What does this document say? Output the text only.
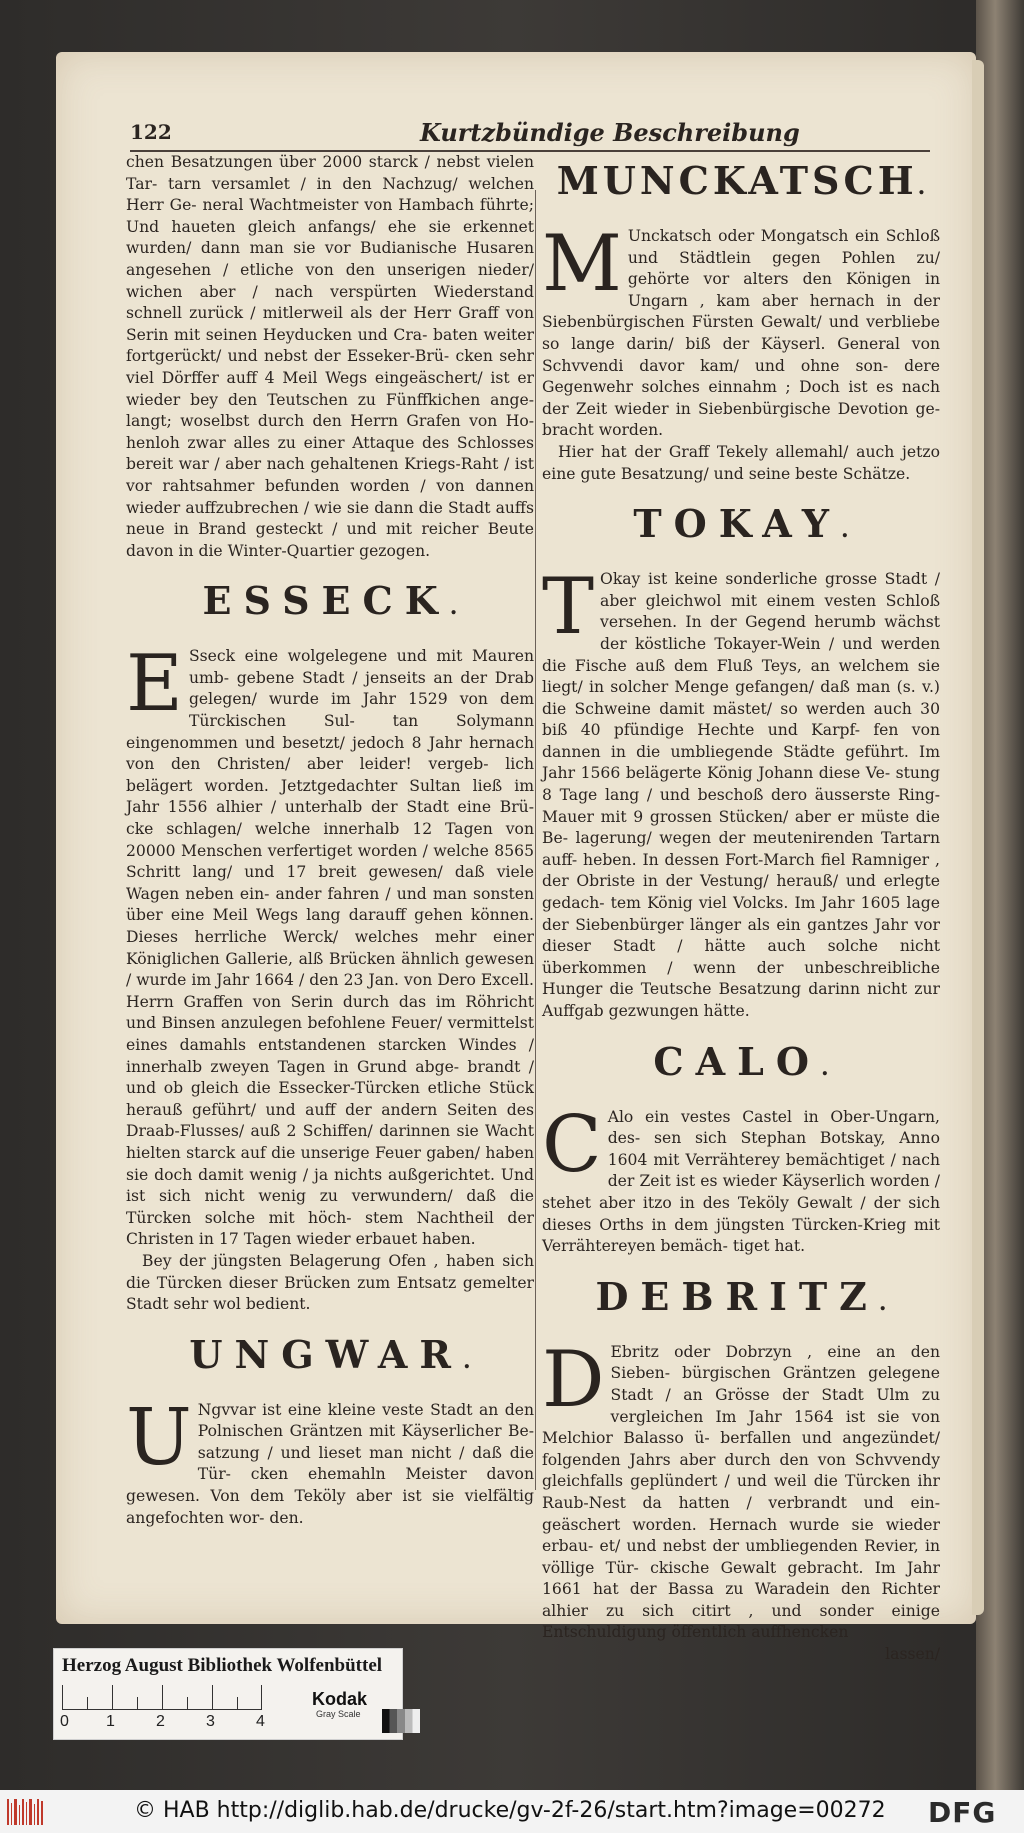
122	Kurtzbündige Beschreibung

chen Besatzungen über 2000 starck / nebst vielen Tar- tarn versamlet / in den Nachzug/ welchen Herr Ge- neral Wachtmeister von Hambach führte; Und haueten gleich anfangs/ ehe sie erkennet wurden/ dann man sie vor Budianische Husaren angesehen / etliche von den unserigen nieder/ wichen aber / nach verspürten Wiederstand schnell zurück / mitlerweil als der Herr Graff von Serin mit seinen Heyducken und Cra- baten weiter fortgerückt/ und nebst der Esseker-Brü- cken sehr viel Dörffer auff 4 Meil Wegs eingeäschert/ ist er wieder bey den Teutschen zu Fünffkichen ange- langt; woselbst durch den Herrn Grafen von Ho- henloh zwar alles zu einer Attaque des Schlosses bereit war / aber nach gehaltenen Kriegs-Raht / ist vor rahtsahmer befunden worden / von dannen wieder auffzubrechen / wie sie dann die Stadt auffs neue in Brand gesteckt / und mit reicher Beute davon in die Winter-Quartier gezogen.

ESSECK .

E Sseck eine wolgelegene und mit Mauren umb- gebene Stadt / jenseits an der Drab gelegen/ wurde im Jahr 1529 von dem Türckischen Sul- tan Solymann eingenommen und besetzt/ jedoch 8 Jahr hernach von den Christen/ aber leider! vergeb- lich belägert worden. Jetztgedachter Sultan ließ im Jahr 1556 alhier / unterhalb der Stadt eine Brü- cke schlagen/ welche innerhalb 12 Tagen von 20000 Menschen verfertiget worden / welche 8565 Schritt lang/ und 17 breit gewesen/ daß viele Wagen neben ein- ander fahren / und man sonsten über eine Meil Wegs lang darauff gehen können. Dieses herrliche Werck/ welches mehr einer Königlichen Gallerie, alß Brücken ähnlich gewesen / wurde im Jahr 1664 / den 23 Jan. von Dero Excell. Herrn Graffen von Serin durch das im Röhricht und Binsen anzulegen befohlene Feuer/ vermittelst eines damahls entstandenen starcken Windes / innerhalb zweyen Tagen in Grund abge- brandt / und ob gleich die Essecker-Türcken etliche Stück herauß geführt/ und auff der andern Seiten des Draab-Flusses/ auß 2 Schiffen/ darinnen sie Wacht hielten starck auf die unserige Feuer gaben/ haben sie doch damit wenig / ja nichts außgerichtet. Und ist sich nicht wenig zu verwundern/ daß die Türcken solche mit höch- stem Nachtheil der Christen in 17 Tagen wieder erbauet haben.

Bey der jüngsten Belagerung Ofen , haben sich die Türcken dieser Brücken zum Entsatz gemelter Stadt sehr wol bedient.

UNGWAR .

U Ngvvar ist eine kleine veste Stadt an den Polnischen Gräntzen mit Käyserlicher Be- satzung / und lieset man nicht / daß die Tür- cken ehemahln Meister davon gewesen. Von dem Teköly aber ist sie vielfältig angefochten wor- den.

MUNCKATSCH .

M Unckatsch oder Mongatsch ein Schloß und Städtlein gegen Pohlen zu/ gehörte vor alters den Königen in Ungarn , kam aber hernach in der Siebenbürgischen Fürsten Gewalt/ und verbliebe so lange darin/ biß der Käyserl. General von Schvvendi davor kam/ und ohne son- dere Gegenwehr solches einnahm ; Doch ist es nach der Zeit wieder in Siebenbürgische Devotion ge- bracht worden.

Hier hat der Graff Tekely allemahl/ auch jetzo eine gute Besatzung/ und seine beste Schätze.

TOKAY .

T Okay ist keine sonderliche grosse Stadt / aber gleichwol mit einem vesten Schloß versehen. In der Gegend herumb wächst der köstliche Tokayer-Wein / und werden die Fische auß dem Fluß Teys, an welchem sie liegt/ in solcher Menge gefangen/ daß man (s. v.) die Schweine damit mästet/ so werden auch 30 biß 40 pfündige Hechte und Karpf- fen von dannen in die umbliegende Städte geführt. Im Jahr 1566 belägerte König Johann diese Ve- stung 8 Tage lang / und beschoß dero äusserste Ring- Mauer mit 9 grossen Stücken/ aber er müste die Be- lagerung/ wegen der meutenirenden Tartarn auff- heben. In dessen Fort-March fiel Ramniger , der Obriste in der Vestung/ herauß/ und erlegte gedach- tem König viel Volcks. Im Jahr 1605 lage der Siebenbürger länger als ein gantzes Jahr vor dieser Stadt / hätte auch solche nicht überkommen / wenn der unbeschreibliche Hunger die Teutsche Besatzung darinn nicht zur Auffgab gezwungen hätte.

CALO .

C Alo ein vestes Castel in Ober-Ungarn, des- sen sich Stephan Botskay, Anno 1604 mit Verrähterey bemächtiget / nach der Zeit ist es wieder Käyserlich worden / stehet aber itzo in des Teköly Gewalt / der sich dieses Orths in dem jüngsten Türcken-Krieg mit Verrähtereyen bemäch- tiget hat.

DEBRITZ .

D Ebritz oder Dobrzyn , eine an den Sieben- bürgischen Gräntzen gelegene Stadt / an Grösse der Stadt Ulm zu vergleichen Im Jahr 1564 ist sie von Melchior Balasso ü- berfallen und angezündet/ folgenden Jahrs aber durch den von Schvvendy gleichfalls geplündert / und weil die Türcken ihr Raub-Nest da hatten / verbrandt und ein- geäschert worden. Hernach wurde sie wieder erbau- et/ und nebst der umbliegenden Revier, in völlige Tür- ckische Gewalt gebracht. Im Jahr 1661 hat der Bassa zu Waradein den Richter alhier zu sich citirt , und sonder einige Entschuldigung öffentlich auffhencken

lassen/

Herzog August Bibliothek Wolfenbüttel
0 1	2	3	4
Kodak
Gray Scale
© HAB http://diglib.hab.de/drucke/gv-2f-26/start.htm?image=00272 DFG
